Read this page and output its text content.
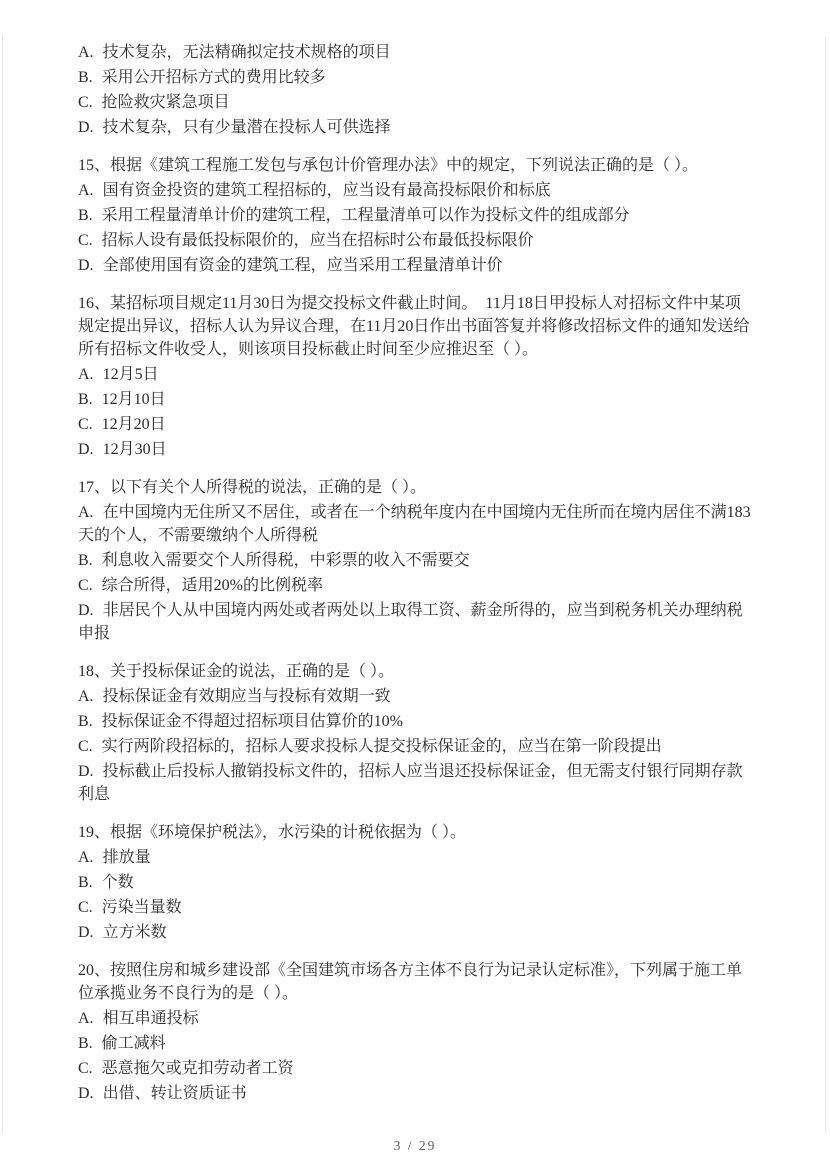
A. 技术复杂，无法精确拟定技术规格的项目

B. 采用公开招标方式的费用比较多

C. 抢险救灾紧急项目

D. 技术复杂，只有少量潜在投标人可供选择

15、根据《建筑工程施工发包与承包计价管理办法》中的规定，下列说法正确的是（ ）。

A. 国有资金投资的建筑工程招标的，应当设有最高投标限价和标底

B. 采用工程量清单计价的建筑工程，工程量清单可以作为投标文件的组成部分

C. 招标人设有最低投标限价的，应当在招标时公布最低投标限价

D. 全部使用国有资金的建筑工程，应当采用工程量清单计价

16、某招标项目规定11月30日为提交投标文件截止时间。　11月18日甲投标人对招标文件中某项规定提出异议，招标人认为异议合理，在11月20日作出书面答复并将修改招标文件的通知发送给所有招标文件收受人，则该项目投标截止时间至少应推迟至（ ）。

A. 12月5日

B. 12月10日

C. 12月20日

D. 12月30日

17、以下有关个人所得税的说法，正确的是（ ）。

A. 在中国境内无住所又不居住，或者在一个纳税年度内在中国境内无住所而在境内居住不满183天的个人，不需要缴纳个人所得税

B. 利息收入需要交个人所得税，中彩票的收入不需要交

C. 综合所得，适用20%的比例税率

D. 非居民个人从中国境内两处或者两处以上取得工资、薪金所得的，应当到税务机关办理纳税申报

18、关于投标保证金的说法，正确的是（ ）。

A. 投标保证金有效期应当与投标有效期一致

B. 投标保证金不得超过招标项目估算价的10%

C. 实行两阶段招标的，招标人要求投标人提交投标保证金的，应当在第一阶段提出

D. 投标截止后投标人撤销投标文件的，招标人应当退还投标保证金，但无需支付银行同期存款利息

19、根据《环境保护税法》，水污染的计税依据为（ ）。

A. 排放量

B. 个数

C. 污染当量数

D. 立方米数

20、按照住房和城乡建设部《全国建筑市场各方主体不良行为记录认定标准》，下列属于施工单位承揽业务不良行为的是（ ）。

A. 相互串通投标

B. 偷工减料

C. 恶意拖欠或克扣劳动者工资

D. 出借、转让资质证书

3 / 29
